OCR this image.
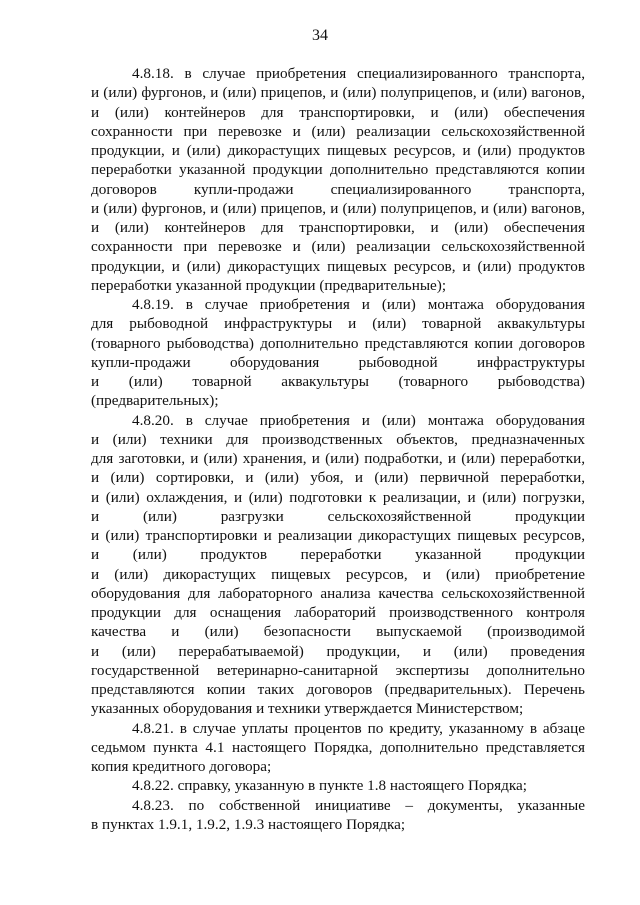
34
4.8.18. в случае приобретения специализированного транспорта,
и (или) фургонов, и (или) прицепов, и (или) полуприцепов, и (или) вагонов,
и (или) контейнеров для транспортировки, и (или) обеспечения
сохранности при перевозке и (или) реализации сельскохозяйственной
продукции, и (или) дикорастущих пищевых ресурсов, и (или) продуктов
переработки указанной продукции дополнительно представляются копии
договоров купли-продажи специализированного транспорта,
и (или) фургонов, и (или) прицепов, и (или) полуприцепов, и (или) вагонов,
и (или) контейнеров для транспортировки, и (или) обеспечения
сохранности при перевозке и (или) реализации сельскохозяйственной
продукции, и (или) дикорастущих пищевых ресурсов, и (или) продуктов
переработки указанной продукции (предварительные);
4.8.19. в случае приобретения и (или) монтажа оборудования
для рыбоводной инфраструктуры и (или) товарной аквакультуры
(товарного рыбоводства) дополнительно представляются копии договоров
купли-продажи оборудования рыбоводной инфраструктуры
и (или) товарной аквакультуры (товарного рыбоводства)
(предварительных);
4.8.20. в случае приобретения и (или) монтажа оборудования
и (или) техники для производственных объектов, предназначенных
для заготовки, и (или) хранения, и (или) подработки, и (или) переработки,
и (или) сортировки, и (или) убоя, и (или) первичной переработки,
и (или) охлаждения, и (или) подготовки к реализации, и (или) погрузки,
и (или) разгрузки сельскохозяйственной продукции
и (или) транспортировки и реализации дикорастущих пищевых ресурсов,
и (или) продуктов переработки указанной продукции
и (или) дикорастущих пищевых ресурсов, и (или) приобретение
оборудования для лабораторного анализа качества сельскохозяйственной
продукции для оснащения лабораторий производственного контроля
качества и (или) безопасности выпускаемой (производимой
и (или) перерабатываемой) продукции, и (или) проведения
государственной ветеринарно-санитарной экспертизы дополнительно
представляются копии таких договоров (предварительных). Перечень
указанных оборудования и техники утверждается Министерством;
4.8.21. в случае уплаты процентов по кредиту, указанному в абзаце
седьмом пункта 4.1 настоящего Порядка, дополнительно представляется
копия кредитного договора;
4.8.22. справку, указанную в пункте 1.8 настоящего Порядка;
4.8.23. по собственной инициативе – документы, указанные
в пунктах 1.9.1, 1.9.2, 1.9.3 настоящего Порядка;
